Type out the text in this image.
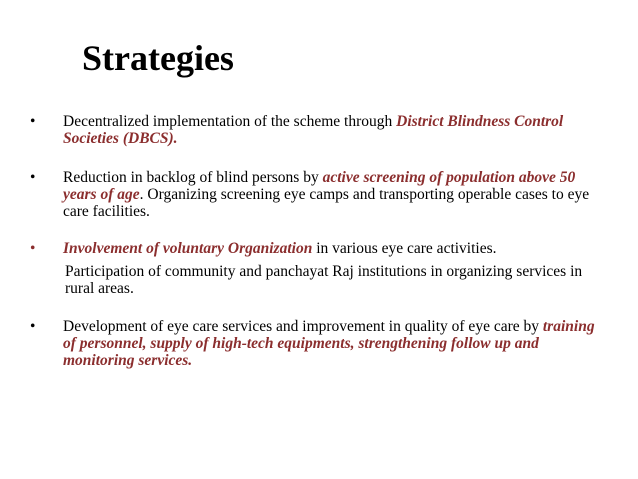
Strategies
•	Decentralized implementation of the scheme through District Blindness Control Societies (DBCS).
•	Reduction in backlog of blind persons by active screening of population above 50 years of age. Organizing screening eye camps and transporting operable cases to eye care facilities.
•	Involvement of voluntary Organization in various eye care activities.
Participation of community and panchayat Raj institutions in organizing services in rural areas.
•	Development of eye care services and improvement in quality of eye care by training of personnel, supply of high-tech equipments, strengthening follow up and monitoring services.
